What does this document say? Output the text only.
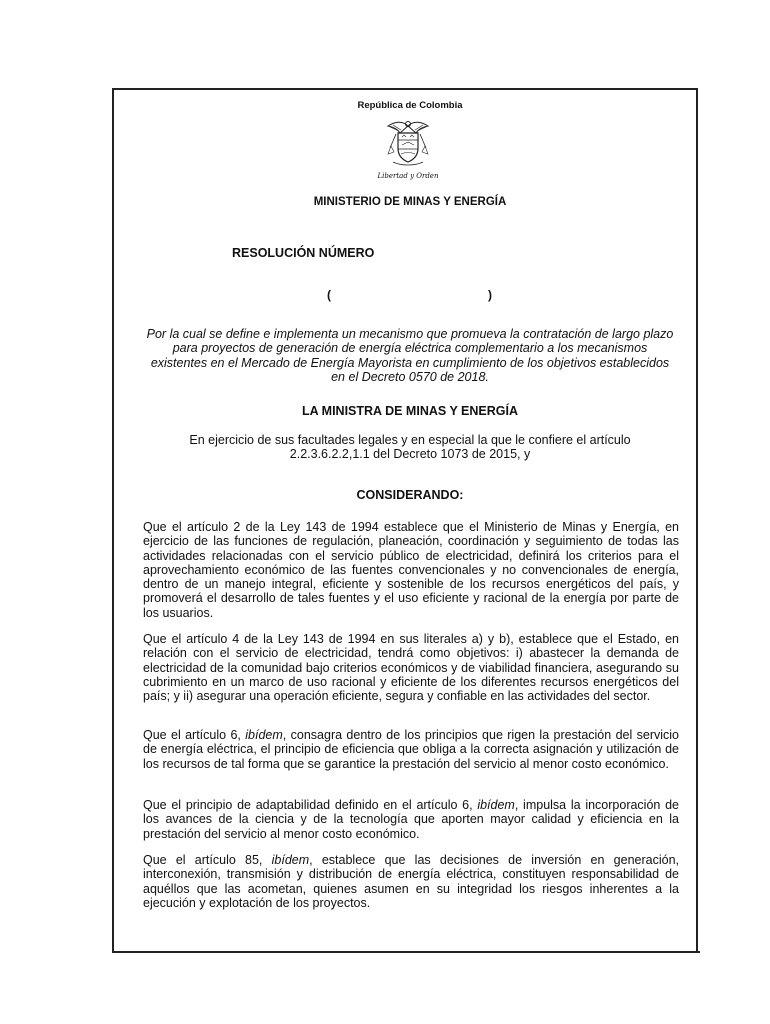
República de Colombia
Libertad y Orden
MINISTERIO DE MINAS Y ENERGÍA
RESOLUCIÓN NÚMERO
(	)
Por la cual se define e implementa un mecanismo que promueva la contratación de largo plazo para proyectos de generación de energía eléctrica complementario a los mecanismos existentes en el Mercado de Energía Mayorista en cumplimiento de los objetivos establecidos en el Decreto 0570 de 2018.
LA MINISTRA DE MINAS Y ENERGÍA
En ejercicio de sus facultades legales y en especial la que le confiere el artículo 2.2.3.6.2.2,1.1 del Decreto 1073 de 2015, y
CONSIDERANDO:

Que el artículo 2 de la Ley 143 de 1994 establece que el Ministerio de Minas y Energía, en ejercicio de las funciones de regulación, planeación, coordinación y seguimiento de todas las actividades relacionadas con el servicio público de electricidad, definirá los criterios para el aprovechamiento económico de las fuentes convencionales y no convencionales de energía, dentro de un manejo integral, eficiente y sostenible de los recursos energéticos del país, y promoverá el desarrollo de tales fuentes y el uso eficiente y racional de la energía por parte de los usuarios.

Que el artículo 4 de la Ley 143 de 1994 en sus literales a) y b), establece que el Estado, en relación con el servicio de electricidad, tendrá como objetivos: i) abastecer la demanda de electricidad de la comunidad bajo criterios económicos y de viabilidad financiera, asegurando su cubrimiento en un marco de uso racional y eficiente de los diferentes recursos energéticos del país; y ii) asegurar una operación eficiente, segura y confiable en las actividades del sector.

Que el artículo 6, ibídem, consagra dentro de los principios que rigen la prestación del servicio de energía eléctrica, el principio de eficiencia que obliga a la correcta asignación y utilización de los recursos de tal forma que se garantice la prestación del servicio al menor costo económico.

Que el principio de adaptabilidad definido en el artículo 6, ibídem, impulsa la incorporación de los avances de la ciencia y de la tecnología que aporten mayor calidad y eficiencia en la prestación del servicio al menor costo económico.

Que el artículo 85, ibídem, establece que las decisiones de inversión en generación, interconexión, transmisión y distribución de energía eléctrica, constituyen responsabilidad de aquéllos que las acometan, quienes asumen en su integridad los riesgos inherentes a la ejecución y explotación de los proyectos.
